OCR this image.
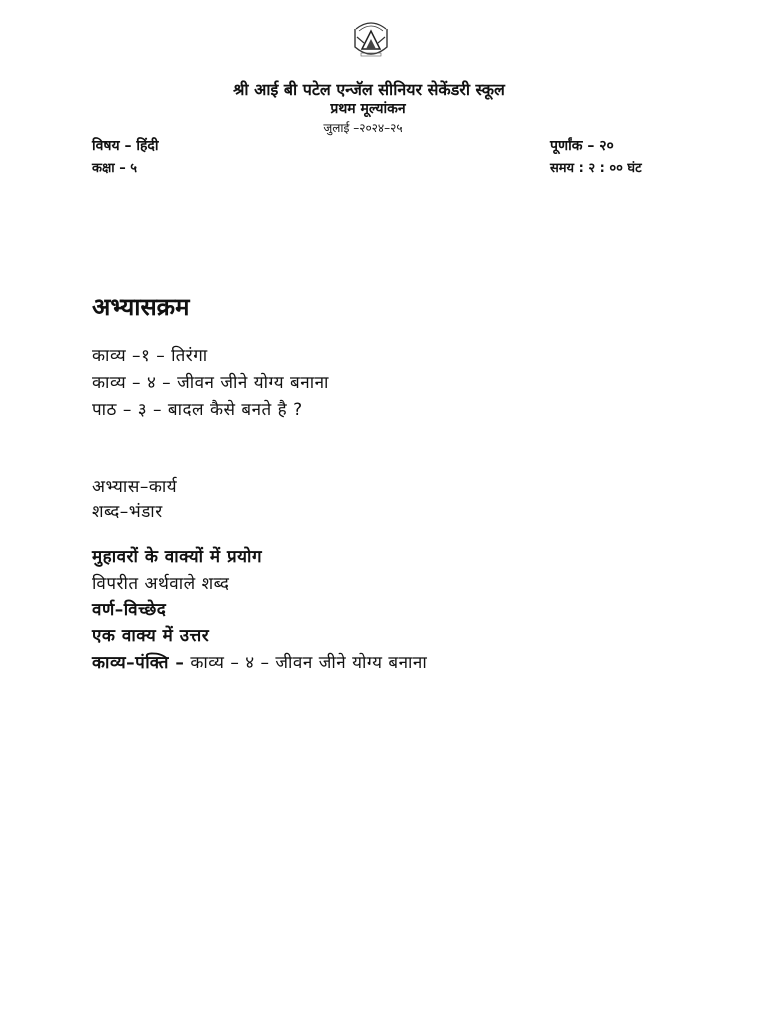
श्री आई बी पटेल एन्जॅल सीनियर सेकेंडरी स्कूल
प्रथम मूल्यांकन
जुलाई –२०२४–२५
विषय – हिंदी
कक्षा – ५
पूर्णांक – २०
समय : २ : ०० घंट
अभ्यासक्रम
काव्य –१ – तिरंगा
काव्य – ४ – जीवन जीने योग्य बनाना
पाठ – ३ – बादल कैसे बनते है ?
अभ्यास–कार्य
शब्द–भंडार
मुहावरों के वाक्यों में प्रयोग
विपरीत अर्थवाले शब्द
वर्ण–विच्छेद
एक वाक्य में उत्तर
काव्य–पंक्ति – काव्य – ४ – जीवन जीने योग्य बनाना
